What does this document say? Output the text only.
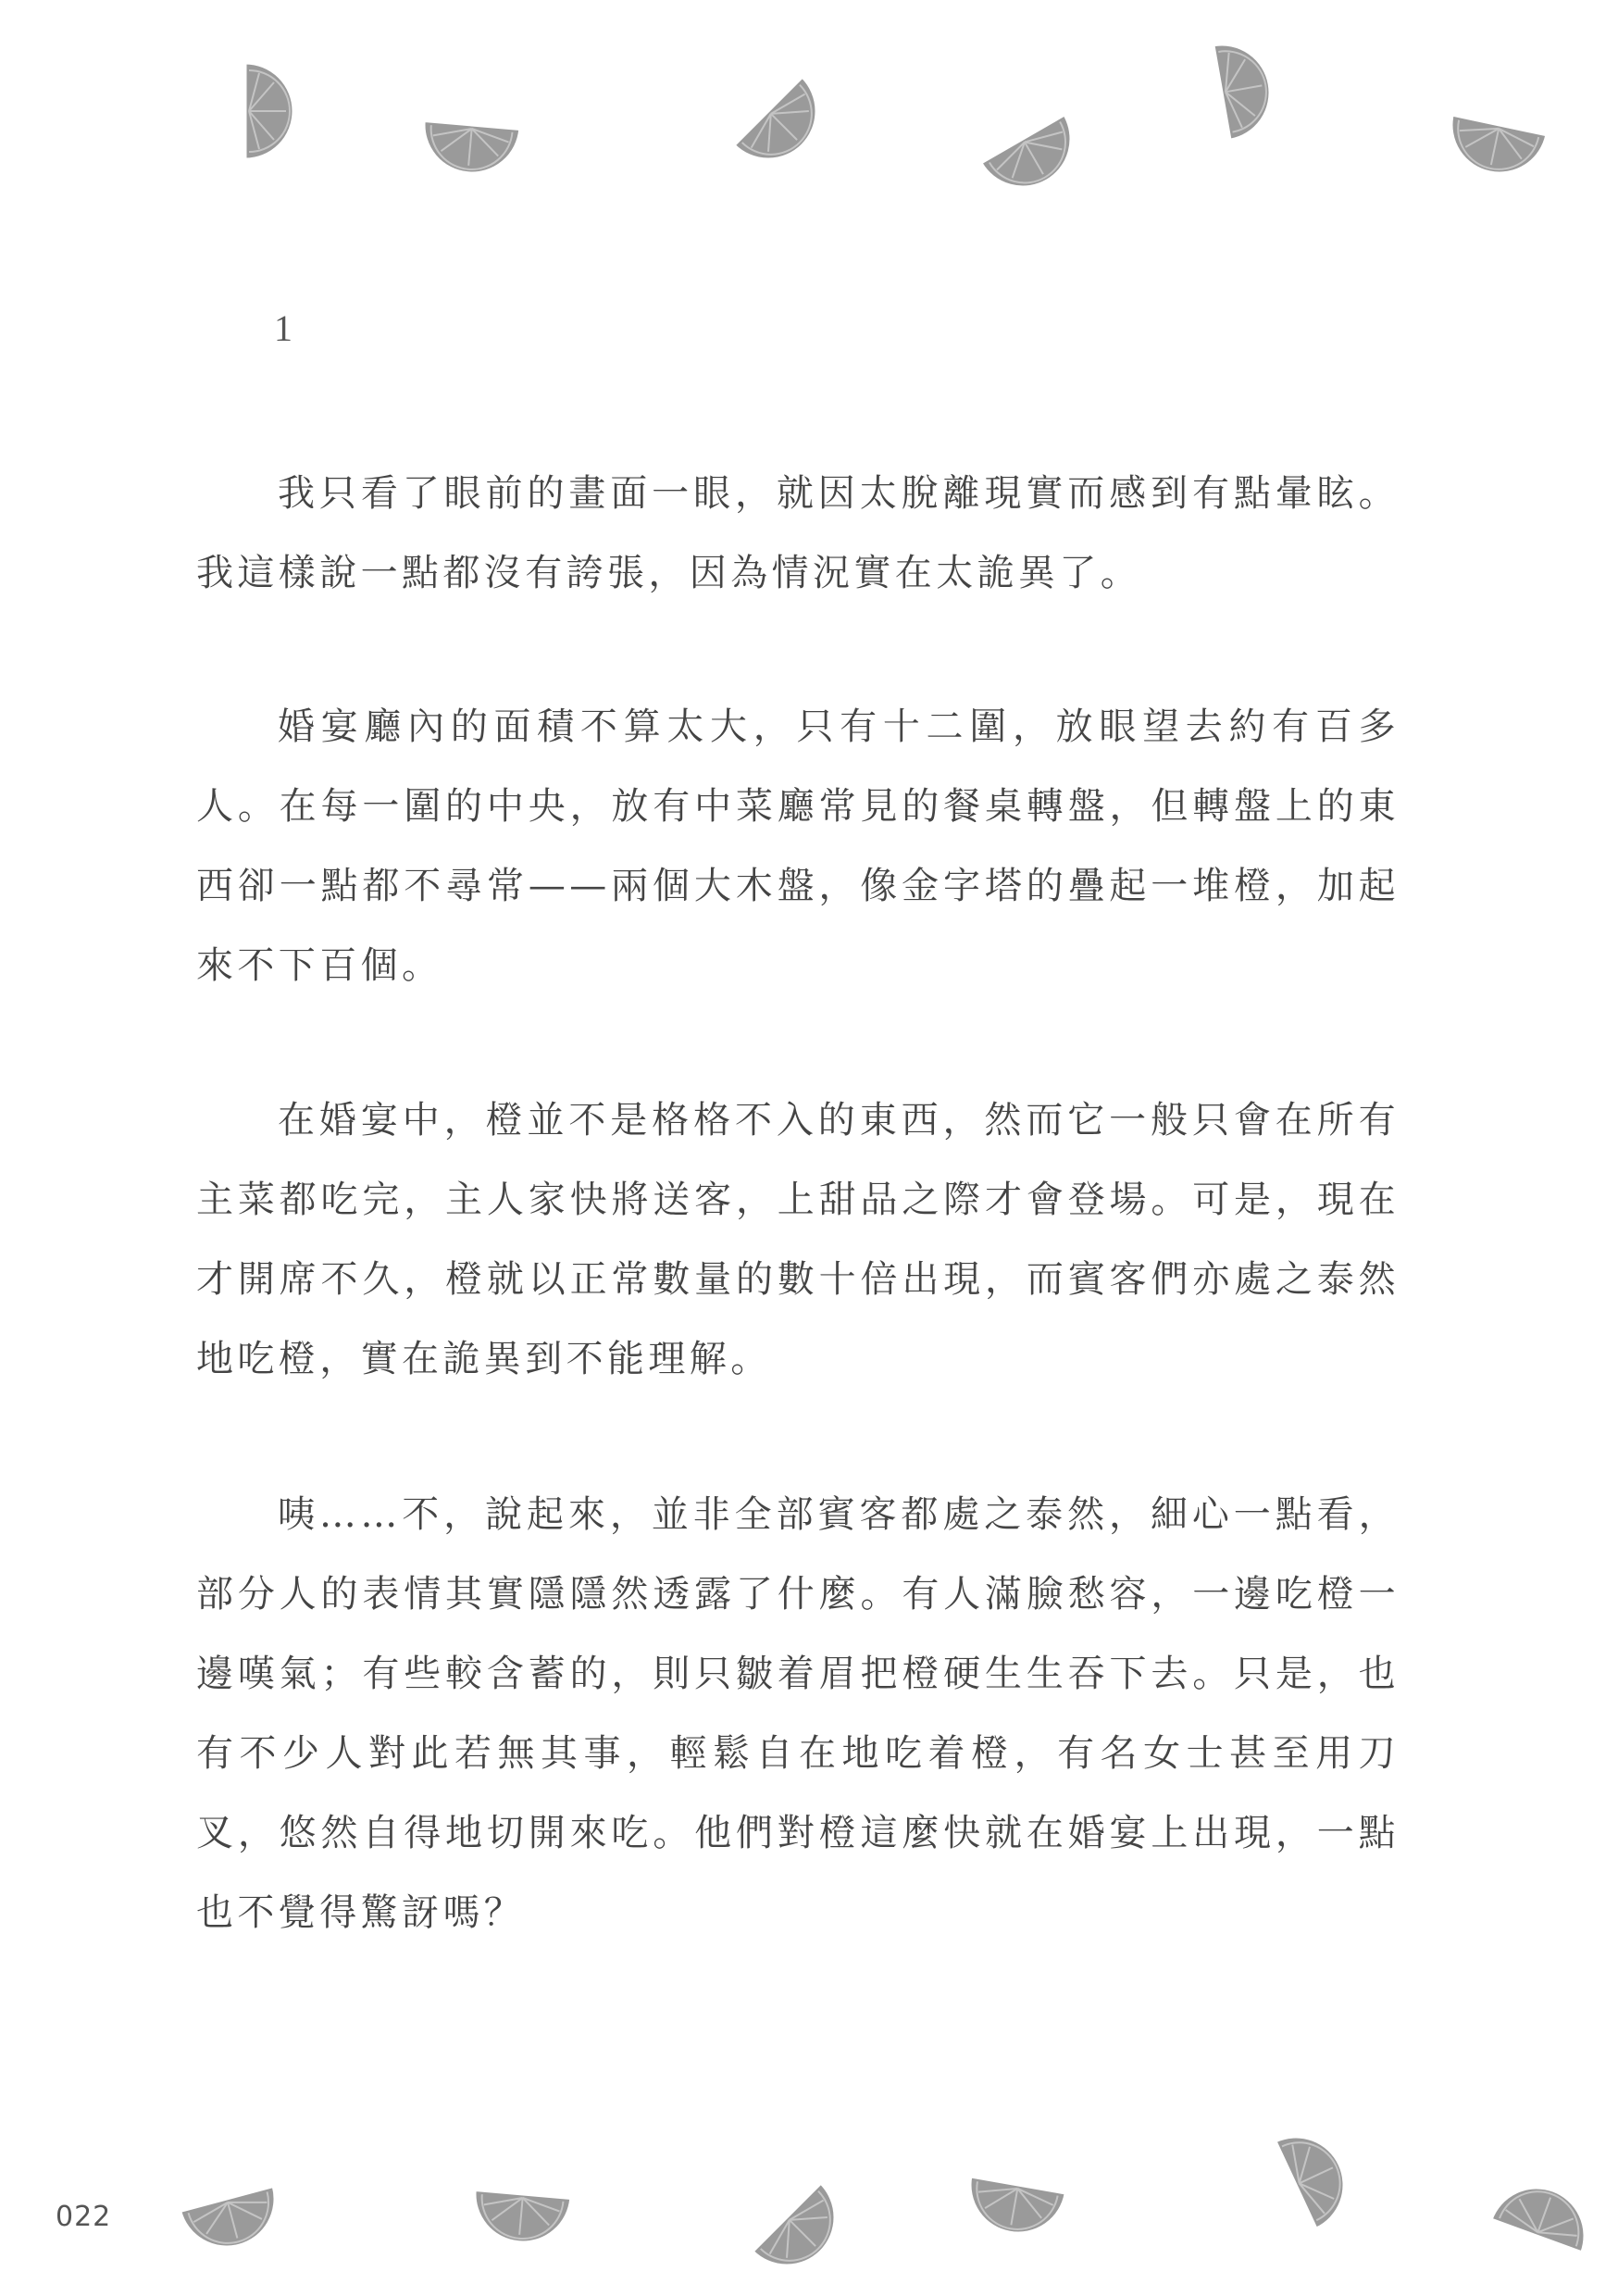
1

我只看了眼前的畫面一眼，就因太脫離現實而感到有點暈眩。我這樣說一點都沒有誇張，因為情況實在太詭異了。

婚宴廳內的面積不算太大，只有十二圍，放眼望去約有百多人。在每一圍的中央，放有中菜廳常見的餐桌轉盤，但轉盤上的東西卻一點都不尋常——兩個大木盤，像金字塔的疊起一堆橙，加起來不下百個。

在婚宴中，橙並不是格格不入的東西，然而它一般只會在所有主菜都吃完，主人家快將送客，上甜品之際才會登場。可是，現在才開席不久，橙就以正常數量的數十倍出現，而賓客們亦處之泰然地吃橙，實在詭異到不能理解。

咦……不，說起來，並非全部賓客都處之泰然，細心一點看，部分人的表情其實隱隱然透露了什麼。有人滿臉愁容，一邊吃橙一邊嘆氣；有些較含蓄的，則只皺着眉把橙硬生生吞下去。只是，也有不少人對此若無其事，輕鬆自在地吃着橙，有名女士甚至用刀叉，悠然自得地切開來吃。他們對橙這麼快就在婚宴上出現，一點也不覺得驚訝嗎？

022
